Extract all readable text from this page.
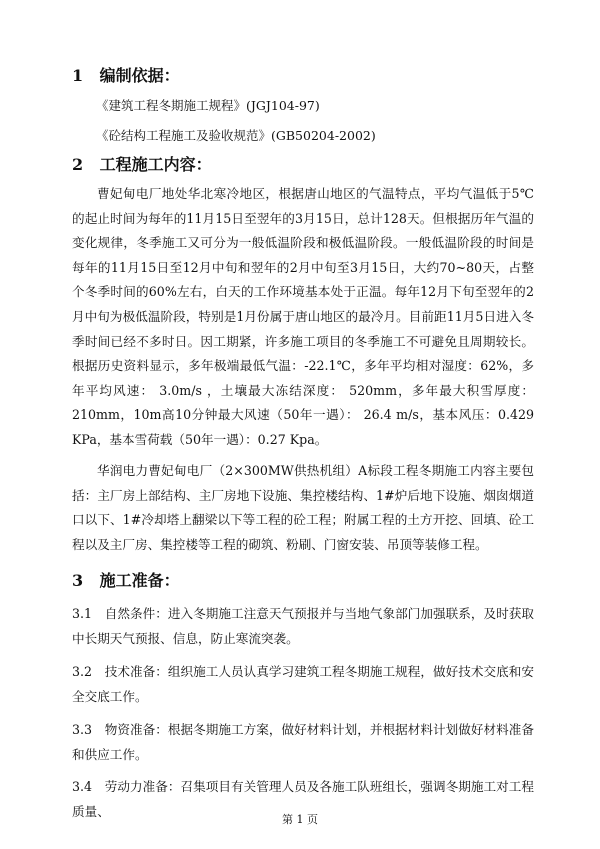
1 编制依据：
《建筑工程冬期施工规程》(JGJ104-97)
《砼结构工程施工及验收规范》(GB50204-2002)
2 工程施工内容：

曹妃甸电厂地处华北寒冷地区，根据唐山地区的气温特点，平均气温低于5℃的起止时间为每年的11月15日至翌年的3月15日，总计128天。但根据历年气温的 变化规律，冬季施工又可分为一般低温阶段和极低温阶段。一般低温阶段的时间是 每年的11月15日至12月中旬和翌年的2月中旬至3月15日，大约70~80天，占整个冬季时间的60%左右，白天的工作环境基本处于正温。每年12月下旬至翌年的2月中旬为极低温阶段，特别是1月份属于唐山地区的最冷月。目前距11月5日进入冬季时间已经不多时日。因工期紧，许多施工项目的冬季施工不可避免且周期较长。根据历史资料显示，多年极端最低气温：-22.1℃，多年平均相对湿度：62%，多年平均风速： 3.0m/s ，土壤最大冻结深度： 520mm，多年最大积雪厚度： 210mm，10m高10分钟最大风速（50年一遇）： 26.4 m/s，基本风压：0.429 KPa，基本雪荷载（50年一遇）：0.27 Kpa。

华润电力曹妃甸电厂（2×300MW供热机组）A标段工程冬期施工内容主要包括：主厂房上部结构、主厂房地下设施、集控楼结构、1#炉后地下设施、烟囱烟道口以下、1#冷却塔上翻梁以下等工程的砼工程；附属工程的土方开挖、回填、砼工程以及主厂房、集控楼等工程的砌筑、粉刷、门窗安装、吊顶等装修工程。

3 施工准备：

3.1　自然条件：进入冬期施工注意天气预报并与当地气象部门加强联系，及时获取中长期天气预报、信息，防止寒流突袭。

3.2　技术准备：组织施工人员认真学习建筑工程冬期施工规程，做好技术交底和安全交底工作。

3.3　物资准备：根据冬期施工方案，做好材料计划，并根据材料计划做好材料准备和供应工作。

3.4　劳动力准备：召集项目有关管理人员及各施工队班组长，强调冬期施工对工程质量、

第 1 页
